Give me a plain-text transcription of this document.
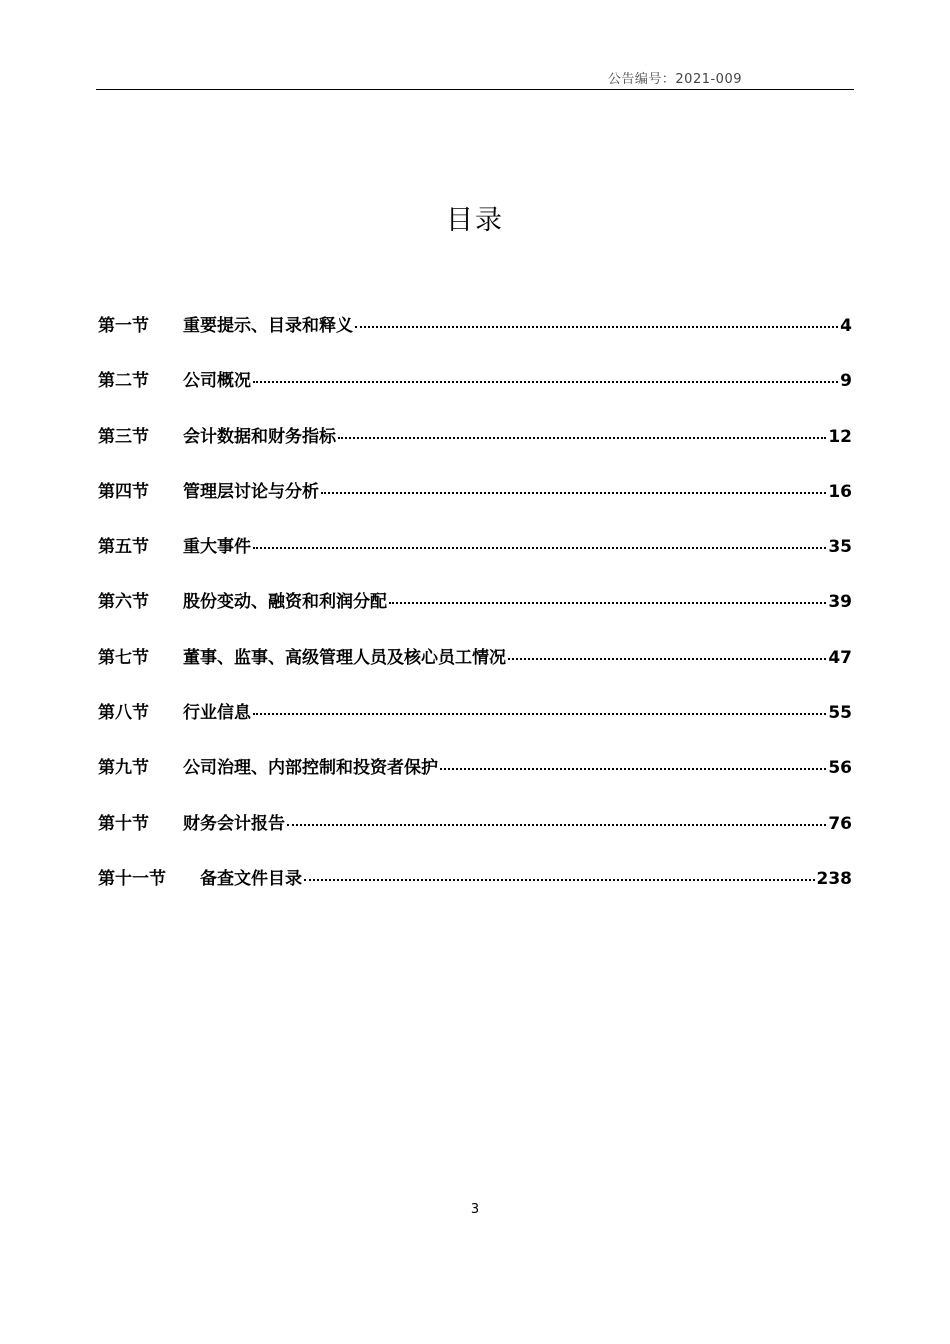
公告编号：2021-009
目录
第一节	重要提示、目录和释义	4
第二节	公司概况	9
第三节	会计数据和财务指标	12
第四节	管理层讨论与分析	16
第五节	重大事件	35
第六节	股份变动、融资和利润分配	39
第七节	董事、监事、高级管理人员及核心员工情况	47
第八节	行业信息	55
第九节	公司治理、内部控制和投资者保护	56
第十节	财务会计报告	76
第十一节	备查文件目录	238
3
